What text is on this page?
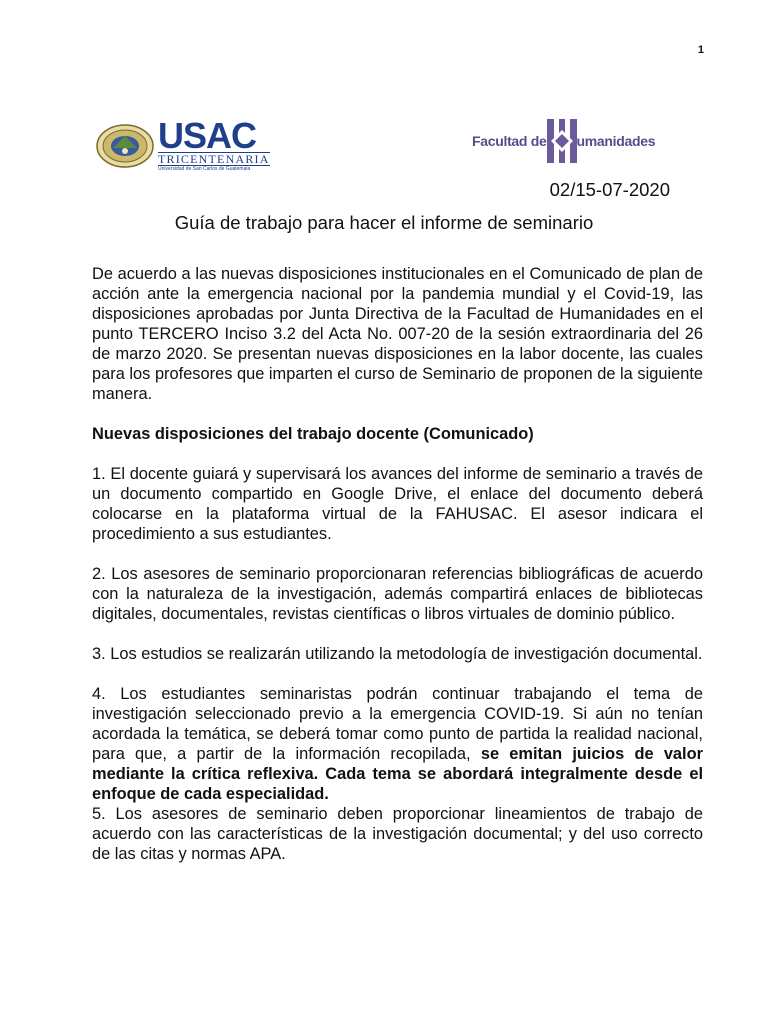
1
USAC
TRICENTENARIA
Universidad de San Carlos de Guatemala
Facultad de umanidades
02/15-07-2020
Guía de trabajo para hacer el informe de seminario

De acuerdo a las nuevas disposiciones institucionales en el Comunicado de plan de acción ante la emergencia nacional por la pandemia mundial y el Covid-19, las disposiciones aprobadas por Junta Directiva de la Facultad de Humanidades en el punto TERCERO Inciso 3.2 del Acta No. 007-20 de la sesión extraordinaria del 26 de marzo 2020. Se presentan nuevas disposiciones en la labor docente, las cuales para los profesores que imparten el curso de Seminario de proponen de la siguiente manera.

Nuevas disposiciones del trabajo docente (Comunicado)

1. El docente guiará y supervisará los avances del informe de seminario a través de un documento compartido en Google Drive, el enlace del documento deberá colocarse en la plataforma virtual de la FAHUSAC. El asesor indicara el procedimiento a sus estudiantes.

2. Los asesores de seminario proporcionaran referencias bibliográficas de acuerdo con la naturaleza de la investigación, además compartirá enlaces de bibliotecas digitales, documentales, revistas científicas o libros virtuales de dominio público.

3. Los estudios se realizarán utilizando la metodología de investigación documental.

4. Los estudiantes seminaristas podrán continuar trabajando el tema de investigación seleccionado previo a la emergencia COVID-19. Si aún no tenían acordada la temática, se deberá tomar como punto de partida la realidad nacional, para que, a partir de la información recopilada, se emitan juicios de valor mediante la crítica reflexiva. Cada tema se abordará integralmente desde el enfoque de cada especialidad.

5. Los asesores de seminario deben proporcionar lineamientos de trabajo de acuerdo con las características de la investigación documental; y del uso correcto de las citas y normas APA.
